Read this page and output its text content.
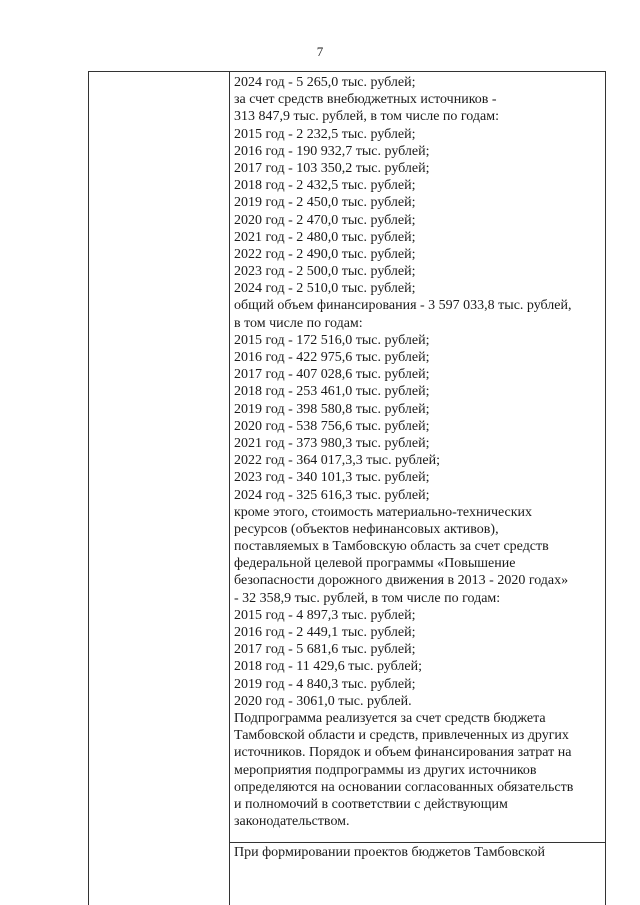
7
2024 год - 5 265,0 тыс. рублей;
за счет средств внебюджетных источников -
313 847,9 тыс. рублей, в том числе по годам:
2015 год - 2 232,5 тыс. рублей;
2016 год - 190 932,7 тыс. рублей;
2017 год - 103 350,2 тыс. рублей;
2018 год - 2 432,5 тыс. рублей;
2019 год - 2 450,0 тыс. рублей;
2020 год - 2 470,0 тыс. рублей;
2021 год - 2 480,0 тыс. рублей;
2022 год - 2 490,0 тыс. рублей;
2023 год - 2 500,0 тыс. рублей;
2024 год - 2 510,0 тыс. рублей;
общий объем финансирования - 3 597 033,8 тыс. рублей,
в том числе по годам:
2015 год - 172 516,0 тыс. рублей;
2016 год - 422 975,6 тыс. рублей;
2017 год - 407 028,6 тыс. рублей;
2018 год - 253 461,0 тыс. рублей;
2019 год - 398 580,8 тыс. рублей;
2020 год - 538 756,6 тыс. рублей;
2021 год - 373 980,3 тыс. рублей;
2022 год - 364 017,3,3 тыс. рублей;
2023 год - 340 101,3 тыс. рублей;
2024 год - 325 616,3 тыс. рублей;
кроме этого, стоимость материально-технических
ресурсов (объектов нефинансовых активов),
поставляемых в Тамбовскую область за счет средств
федеральной целевой программы «Повышение
безопасности дорожного движения в 2013 - 2020 годах»
- 32 358,9 тыс. рублей, в том числе по годам:
2015 год - 4 897,3 тыс. рублей;
2016 год - 2 449,1 тыс. рублей;
2017 год - 5 681,6 тыс. рублей;
2018 год - 11 429,6 тыс. рублей;
2019 год - 4 840,3 тыс. рублей;
2020 год - 3061,0 тыс. рублей.
Подпрограмма реализуется за счет средств бюджета
Тамбовской области и средств, привлеченных из других
источников. Порядок и объем финансирования затрат на
мероприятия подпрограммы из других источников
определяются на основании согласованных обязательств
и полномочий в соответствии с действующим
законодательством.
При формировании проектов бюджетов Тамбовской
